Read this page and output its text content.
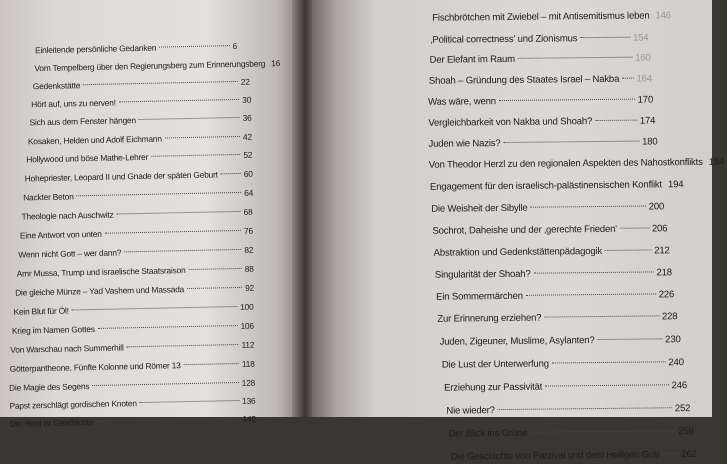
Einleitende persönliche Gedanken	6
Vom Tempelberg über den Regierungsberg zum Erinnerungsberg 16
Gedenkstätte	22
Hört auf, uns zu nerven!	30
Sich aus dem Fenster hängen	36
Kosaken, Helden und Adolf Eichmann	42
Hollywood und böse Mathe-Lehrer	52
Hohepriester, Leopard II und Gnade der späten Geburt	60
Nackter Beton	64
Theologie nach Auschwitz	68
Eine Antwort von unten	76
Wenn nicht Gott – wer dann?	82
Amr Mussa, Trump und israelische Staatsraison	88
Die gleiche Münze – Yad Vashem und Massada	92
Kein Blut für Öl!	100
Krieg im Namen Gottes	106
Von Warschau nach Summerhill	112
Götterpantheone, Fünfte Kolonne und Römer 13	118
Die Magie des Segens	128
Papst zerschlägt gordischen Knoten	136
Der Rest ist Geschichte	142
Fischbrötchen mit Zwiebel – mit Antisemitismus leben 146
‚Political correctness' und Zionismus	154
Der Elefant im Raum	160
Shoah – Gründung des Staates Israel – Nakba 164
Was wäre, wenn	170
Vergleichbarkeit von Nakba und Shoah?	174
Juden wie Nazis?	180
Von Theodor Herzl zu den regionalen Aspekten des Nahostkonflikts 184
Engagement für den israelisch-palästinensischen Konflikt 194
Die Weisheit der Sibylle	200
Sochrot, Daheishe und der ‚gerechte Frieden'	206
Abstraktion und Gedenkstättenpädagogik	212
Singularität der Shoah?	218
Ein Sommermärchen	226
Zur Erinnerung erziehen?	228
Juden, Zigeuner, Muslime, Asylanten?	230
Die Lust der Unterwerfung	240
Erziehung zur Passivität	246
Nie wieder?	252
Der Blick ins Grüne	258
Die Geschichte von Parzival und dem Heiligen Gral 262
